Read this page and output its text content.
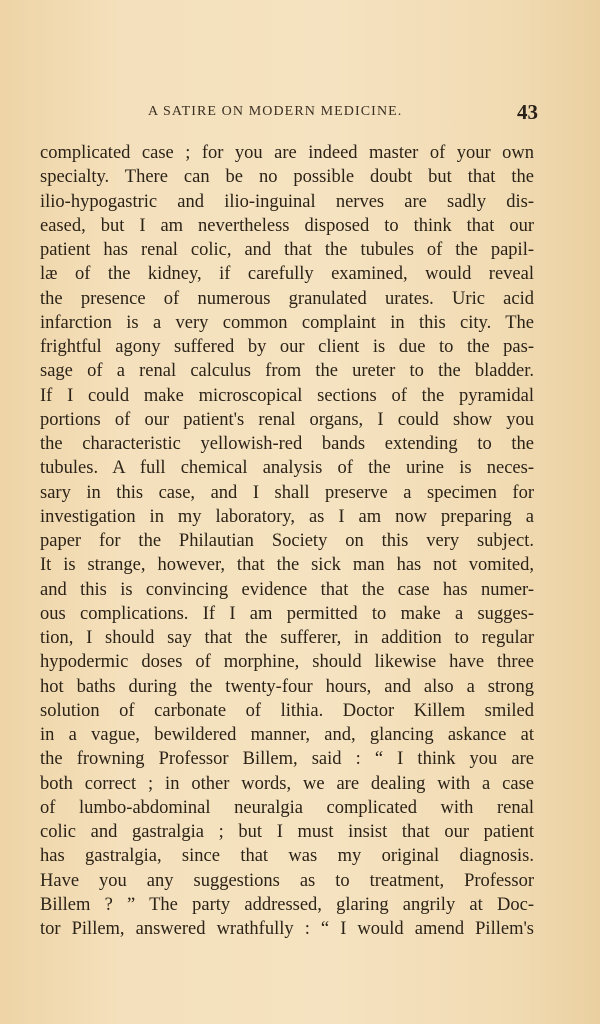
A SATIRE ON MODERN MEDICINE.	43
complicated case ; for you are indeed master of your own
specialty. There can be no possible doubt but that the
ilio-hypogastric and ilio-inguinal nerves are sadly dis-
eased, but I am nevertheless disposed to think that our
patient has renal colic, and that the tubules of the papil-
læ of the kidney, if carefully examined, would reveal
the presence of numerous granulated urates. Uric acid
infarction is a very common complaint in this city. The
frightful agony suffered by our client is due to the pas-
sage of a renal calculus from the ureter to the bladder.
If I could make microscopical sections of the pyramidal
portions of our patient's renal organs, I could show you
the characteristic yellowish-red bands extending to the
tubules. A full chemical analysis of the urine is neces-
sary in this case, and I shall preserve a specimen for
investigation in my laboratory, as I am now preparing a
paper for the Philautian Society on this very subject.
It is strange, however, that the sick man has not vomited,
and this is convincing evidence that the case has numer-
ous complications. If I am permitted to make a sugges-
tion, I should say that the sufferer, in addition to regular
hypodermic doses of morphine, should likewise have three
hot baths during the twenty-four hours, and also a strong
solution of carbonate of lithia. Doctor Killem smiled
in a vague, bewildered manner, and, glancing askance at
the frowning Professor Billem, said : “ I think you are
both correct ; in other words, we are dealing with a case
of lumbo-abdominal neuralgia complicated with renal
colic and gastralgia ; but I must insist that our patient
has gastralgia, since that was my original diagnosis.
Have you any suggestions as to treatment, Professor
Billem ? ” The party addressed, glaring angrily at Doc-
tor Pillem, answered wrathfully : “ I would amend Pillem's
